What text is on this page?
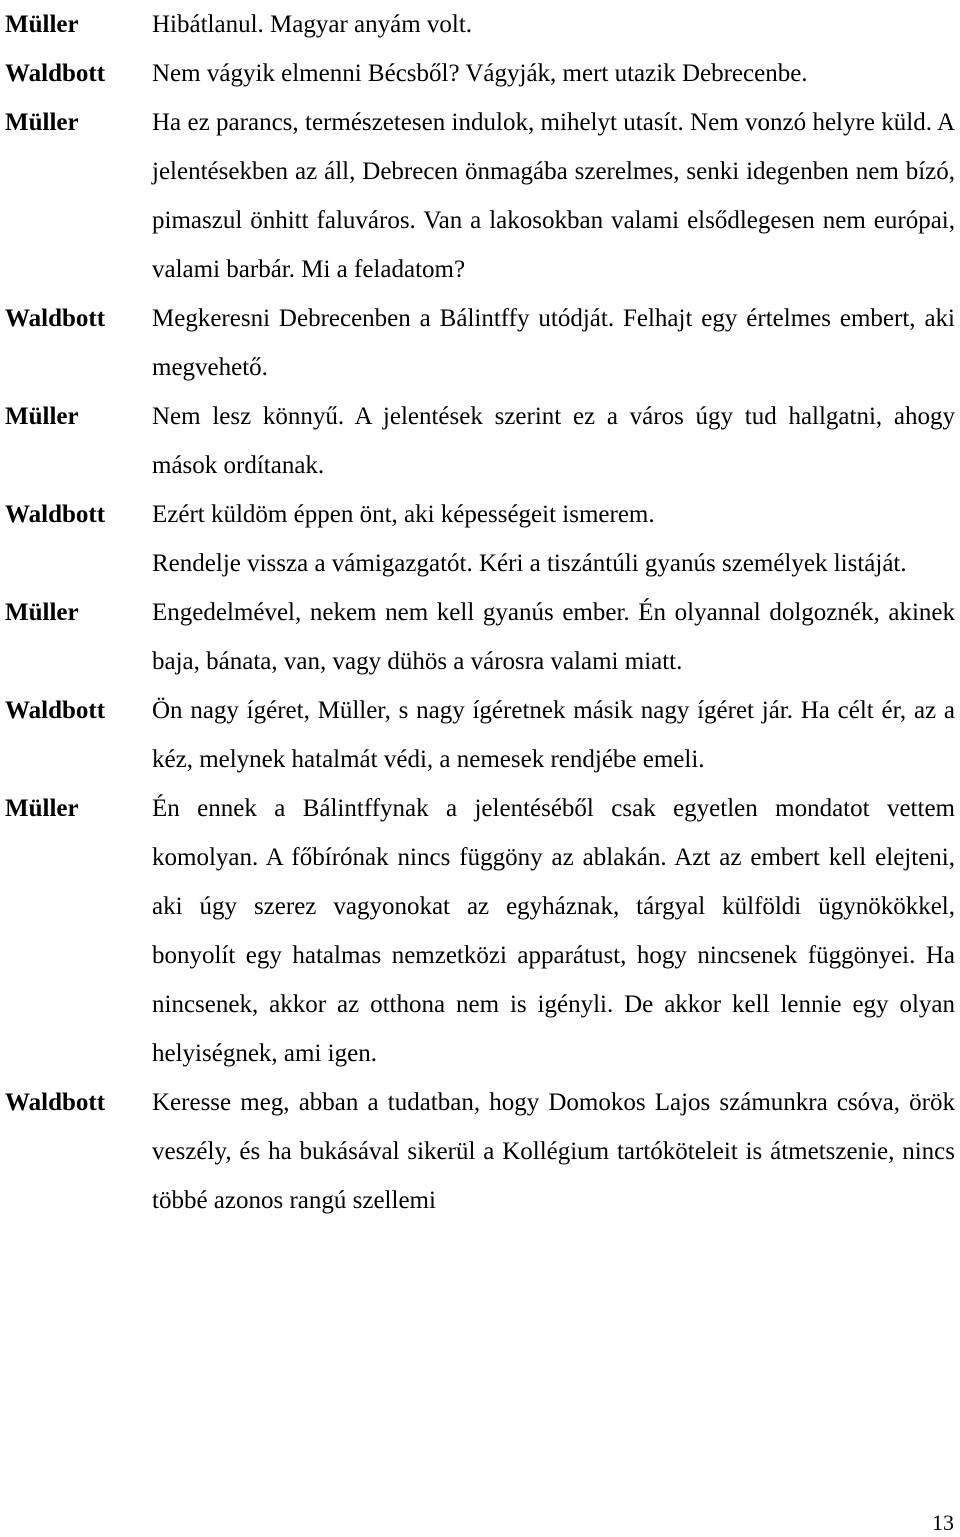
Müller	Hibátlanul. Magyar anyám volt.

Waldbott	Nem vágyik elmenni Bécsből? Vágyják, mert utazik Debrecenbe.

Müller	Ha ez parancs, természetesen indulok, mihelyt utasít. Nem vonzó helyre küld. A jelentésekben az áll, Debrecen önmagába szerelmes, senki idegenben nem bízó, pimaszul önhitt faluváros. Van a lakosokban valami elsődlegesen nem európai, valami barbár. Mi a feladatom?

Waldbott	Megkeresni Debrecenben a Bálintffy utódját. Felhajt egy értelmes embert, aki megvehető.

Müller	Nem lesz könnyű. A jelentések szerint ez a város úgy tud hallgatni, ahogy mások ordítanak.

Waldbott	Ezért küldöm éppen önt, aki képességeit ismerem.

Rendelje vissza a vámigazgatót. Kéri a tiszántúli gyanús személyek listáját.

Müller	Engedelmével, nekem nem kell gyanús ember. Én olyannal dolgoznék, akinek baja, bánata, van, vagy dühös a városra valami miatt.

Waldbott	Ön nagy ígéret, Müller, s nagy ígéretnek másik nagy ígéret jár. Ha célt ér, az a kéz, melynek hatalmát védi, a nemesek rendjébe emeli.

Müller	Én ennek a Bálintffynak a jelentéséből csak egyetlen mondatot vettem komolyan. A főbírónak nincs függöny az ablakán. Azt az embert kell elejteni, aki úgy szerez vagyonokat az egyháznak, tárgyal külföldi ügynökökkel, bonyolít egy hatalmas nemzetközi apparátust, hogy nincsenek függönyei. Ha nincsenek, akkor az otthona nem is igényli. De akkor kell lennie egy olyan helyiségnek, ami igen.

Waldbott	Keresse meg, abban a tudatban, hogy Domokos Lajos számunkra csóva, örök veszély, és ha bukásával sikerül a Kollégium tartóköteleit is átmetszenie, nincs többé azonos rangú szellemi

13
